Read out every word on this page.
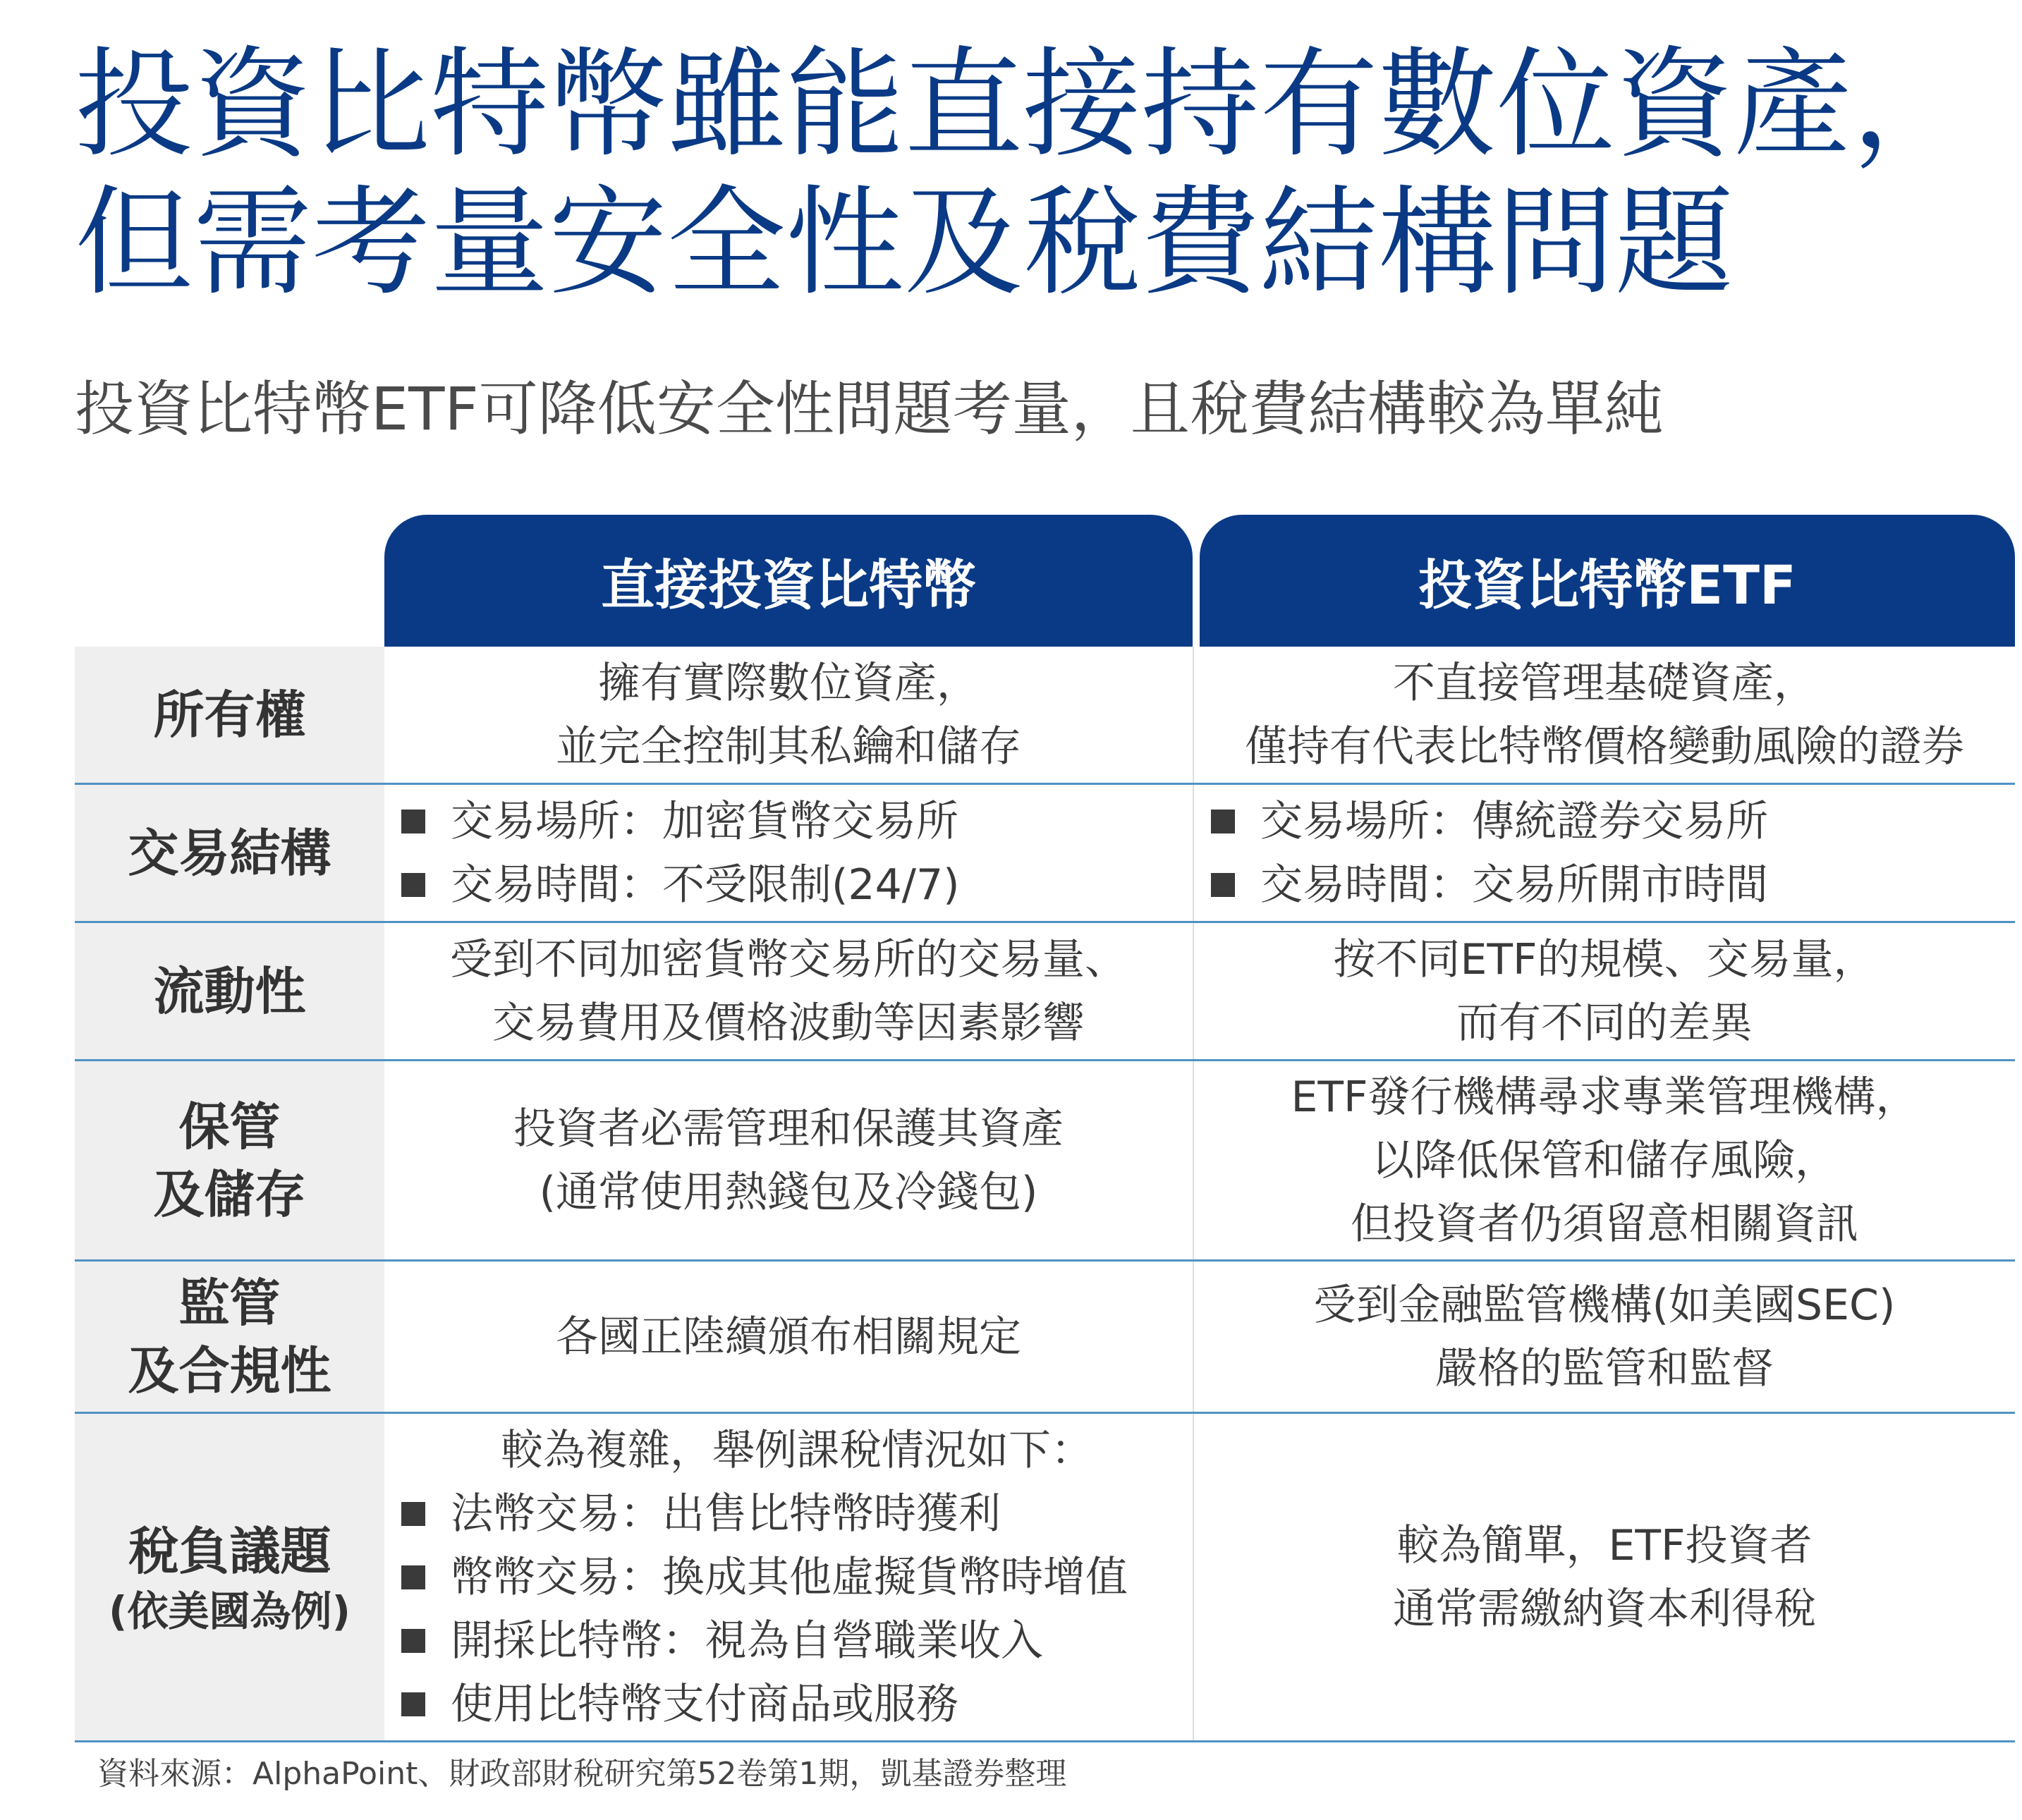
投資比特幣雖能直接持有數位資產，
但需考量安全性及稅費結構問題

投資比特幣ETF可降低安全性問題考量，且稅費結構較為單純

直接投資比特幣	投資比特幣ETF
所有權
擁有實際數位資產，
並完全控制其私鑰和儲存
不直接管理基礎資產，
僅持有代表比特幣價格變動風險的證券
交易結構
交易場所：加密貨幣交易所
交易時間：不受限制(24/7)
交易場所：傳統證券交易所
交易時間：交易所開市時間
流動性
受到不同加密貨幣交易所的交易量、
交易費用及價格波動等因素影響
按不同ETF的規模、交易量，
而有不同的差異
保管
及儲存
投資者必需管理和保護其資產
(通常使用熱錢包及冷錢包)
ETF發行機構尋求專業管理機構，
以降低保管和儲存風險，
但投資者仍須留意相關資訊
監管
及合規性
各國正陸續頒布相關規定
受到金融監管機構(如美國SEC)
嚴格的監管和監督
稅負議題
(依美國為例)
較為複雜，舉例課稅情況如下：
法幣交易：出售比特幣時獲利
幣幣交易：換成其他虛擬貨幣時增值
開採比特幣：視為自營職業收入
使用比特幣支付商品或服務
較為簡單，ETF投資者
通常需繳納資本利得稅

資料來源：AlphaPoint、財政部財稅研究第52卷第1期，凱基證券整理
